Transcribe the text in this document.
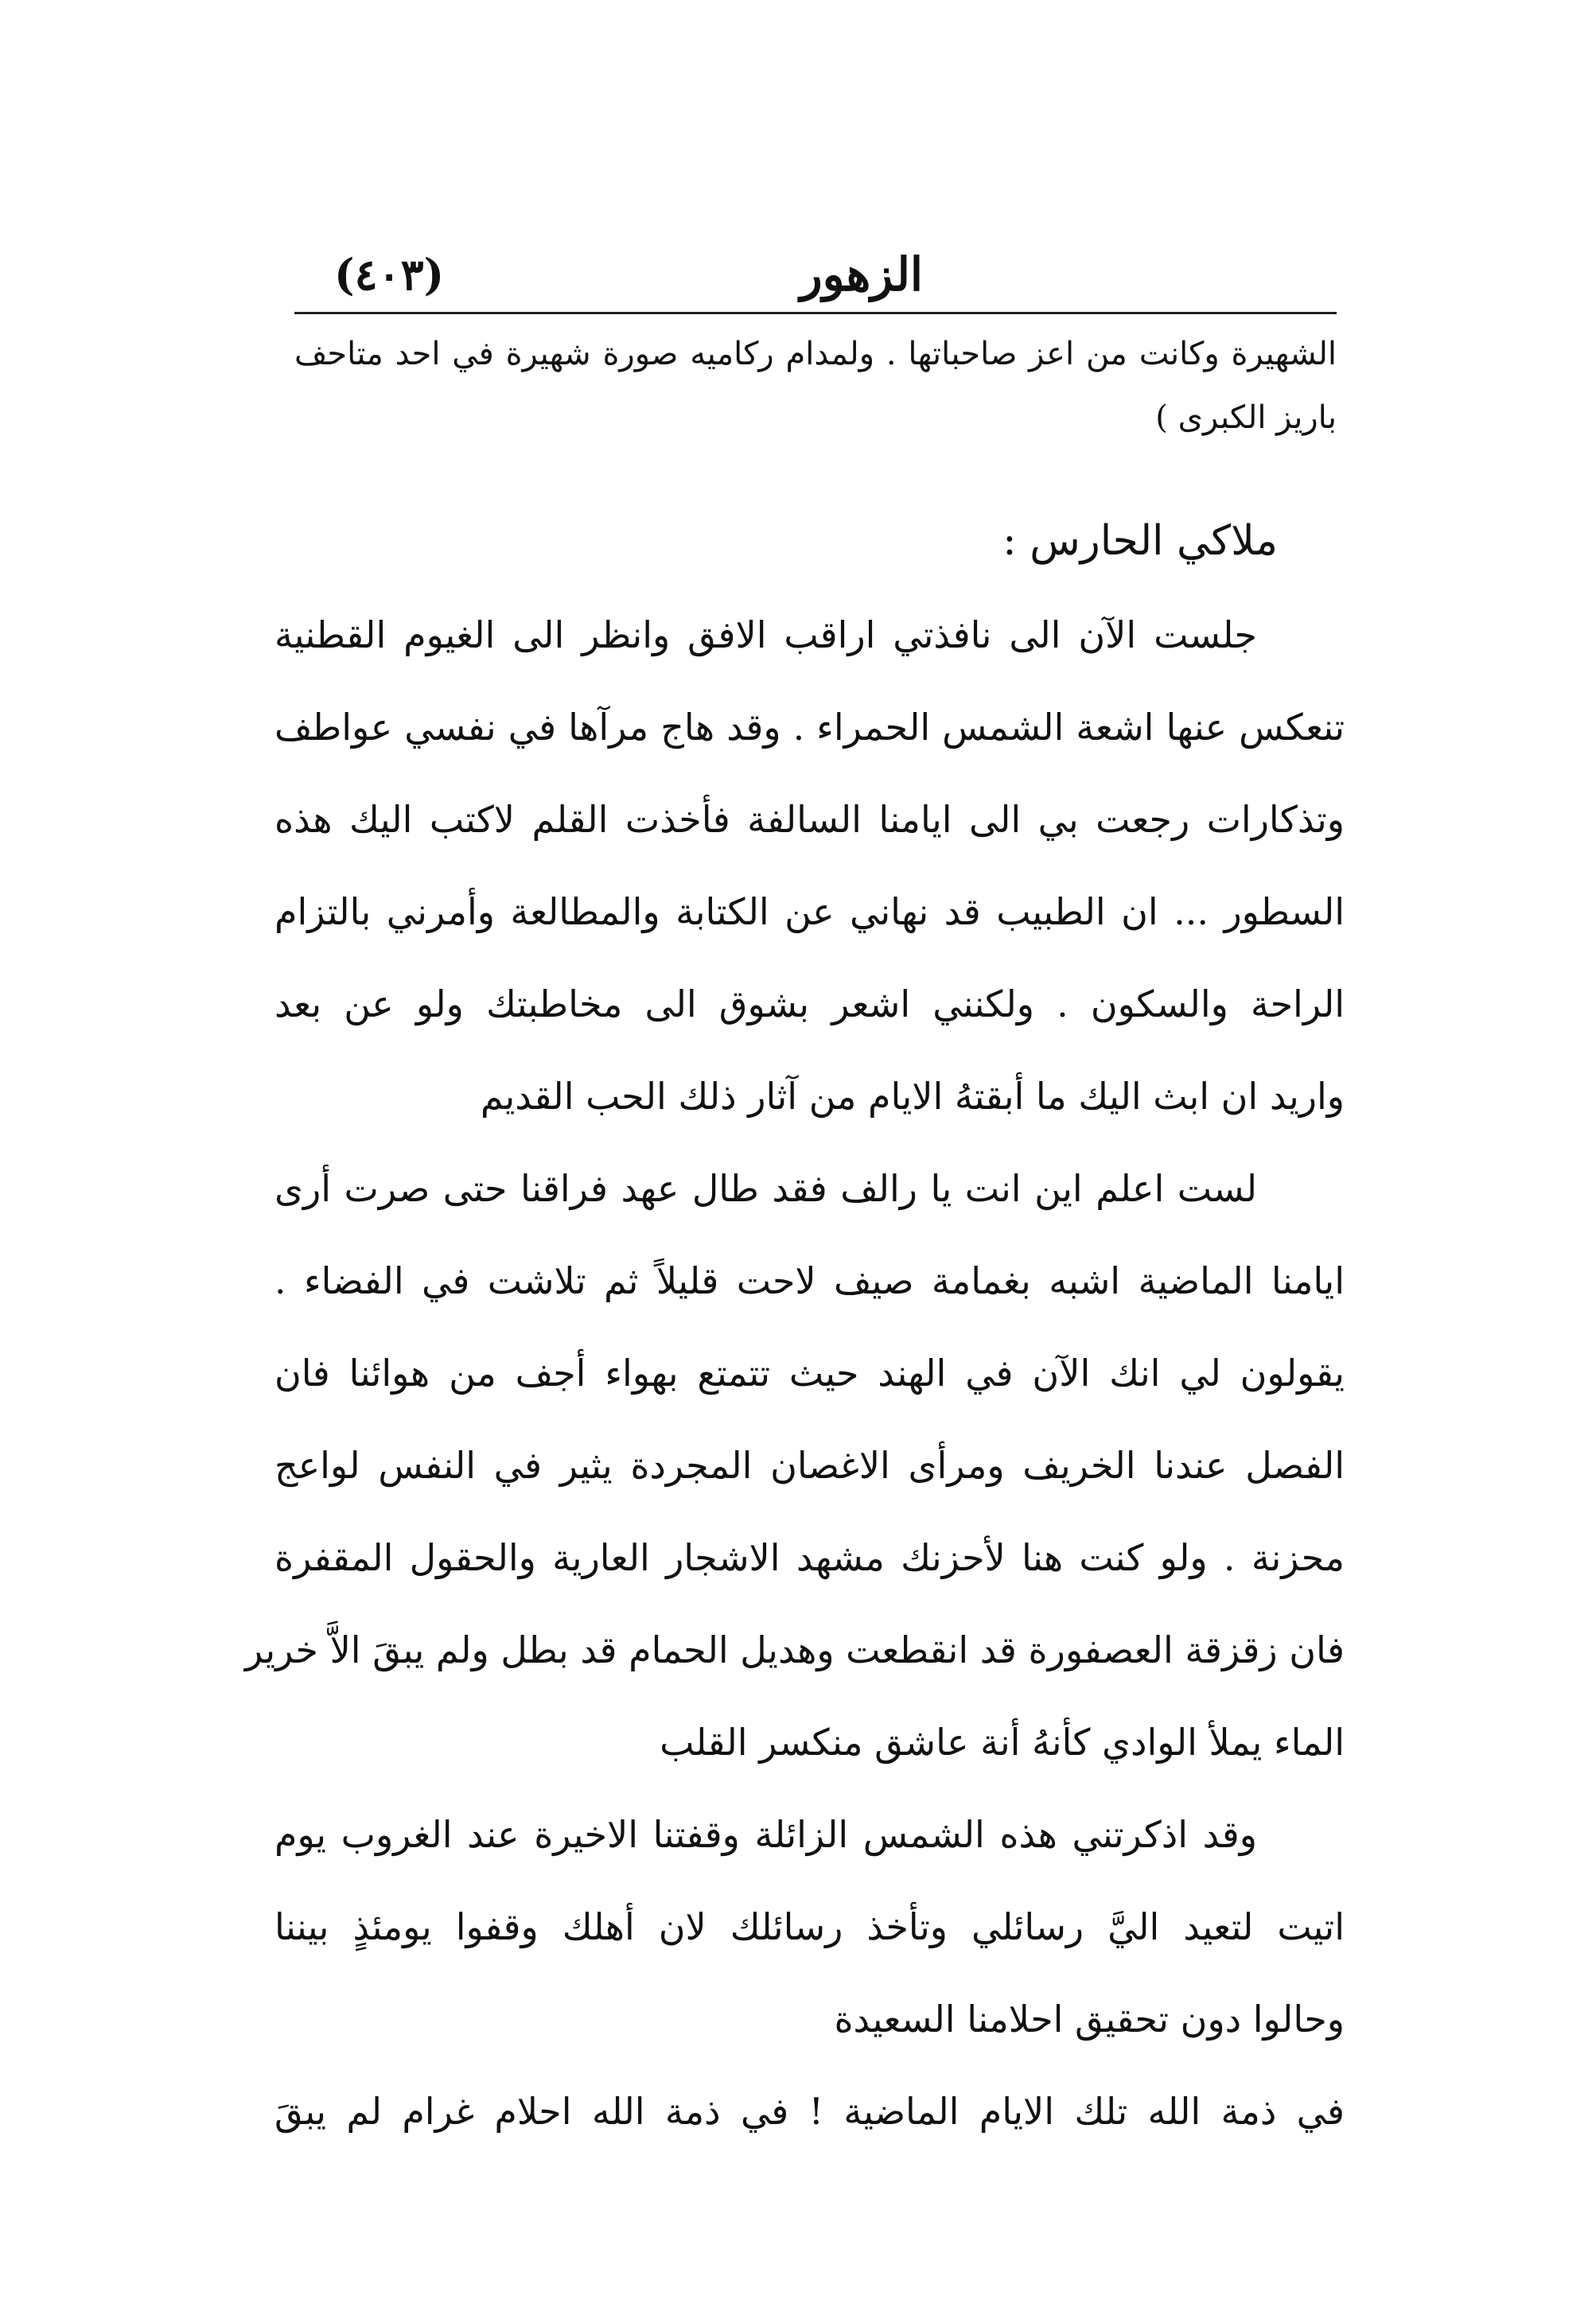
الزهور
(٤٠٣)
الشهيرة وكانت من اعز صاحباتها . ولمدام ركاميه صورة شهيرة في احد متاحف
باريز الكبرى )
ملاكي الحارس :
جلست الآن الى نافذتي اراقب الافق وانظر الى الغيوم القطنية
تنعكس عنها اشعة الشمس الحمراء . وقد هاج مرآها في نفسي عواطف
وتذكارات رجعت بي الى ايامنا السالفة فأخذت القلم لاكتب اليك هذه
السطور ... ان الطبيب قد نهاني عن الكتابة والمطالعة وأمرني بالتزام
الراحة والسكون . ولكنني اشعر بشوق الى مخاطبتك ولو عن بعد
واريد ان ابث اليك ما أبقتهُ الايام من آثار ذلك الحب القديم
لست اعلم اين انت يا رالف فقد طال عهد فراقنا حتى صرت أرى
ايامنا الماضية اشبه بغمامة صيف لاحت قليلاً ثم تلاشت في الفضاء .
يقولون لي انك الآن في الهند حيث تتمتع بهواء أجف من هوائنا فان
الفصل عندنا الخريف ومرأى الاغصان المجردة يثير في النفس لواعج
محزنة . ولو كنت هنا لأحزنك مشهد الاشجار العارية والحقول المقفرة
فان زقزقة العصفورة قد انقطعت وهديل الحمام قد بطل ولم يبقَ الاَّ خرير
الماء يملأ الوادي كأنهُ أنة عاشق منكسر القلب
وقد اذكرتني هذه الشمس الزائلة وقفتنا الاخيرة عند الغروب يوم
اتيت لتعيد اليَّ رسائلي وتأخذ رسائلك لان أهلك وقفوا يومئذٍ بيننا
وحالوا دون تحقيق احلامنا السعيدة
في ذمة الله تلك الايام الماضية ! في ذمة الله احلام غرام لم يبقَ
